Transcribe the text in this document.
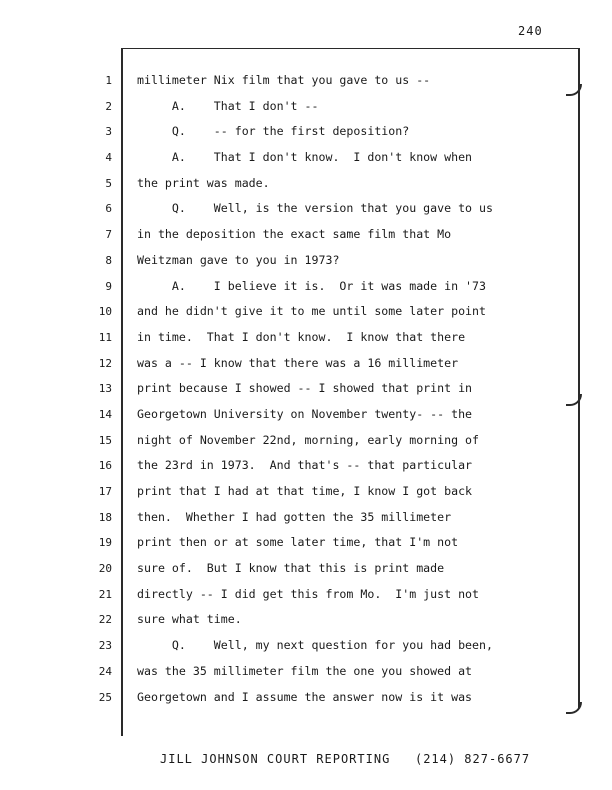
240
1
2
3
4
5
6
7
8
9
10
11
12
13
14
15
16
17
18
19
20
21
22
23
24
25
millimeter Nix film that you gave to us --
A.    That I don't --
Q.    -- for the first deposition?
A.    That I don't know.  I don't know when
the print was made.
Q.    Well, is the version that you gave to us
in the deposition the exact same film that Mo
Weitzman gave to you in 1973?
A.    I believe it is.  Or it was made in '73
and he didn't give it to me until some later point
in time.  That I don't know.  I know that there
was a -- I know that there was a 16 millimeter
print because I showed -- I showed that print in
Georgetown University on November twenty- -- the
night of November 22nd, morning, early morning of
the 23rd in 1973.  And that's -- that particular
print that I had at that time, I know I got back
then.  Whether I had gotten the 35 millimeter
print then or at some later time, that I'm not
sure of.  But I know that this is print made
directly -- I did get this from Mo.  I'm just not
sure what time.
Q.    Well, my next question for you had been,
was the 35 millimeter film the one you showed at
Georgetown and I assume the answer now is it was
JILL JOHNSON COURT REPORTING   (214) 827-6677
